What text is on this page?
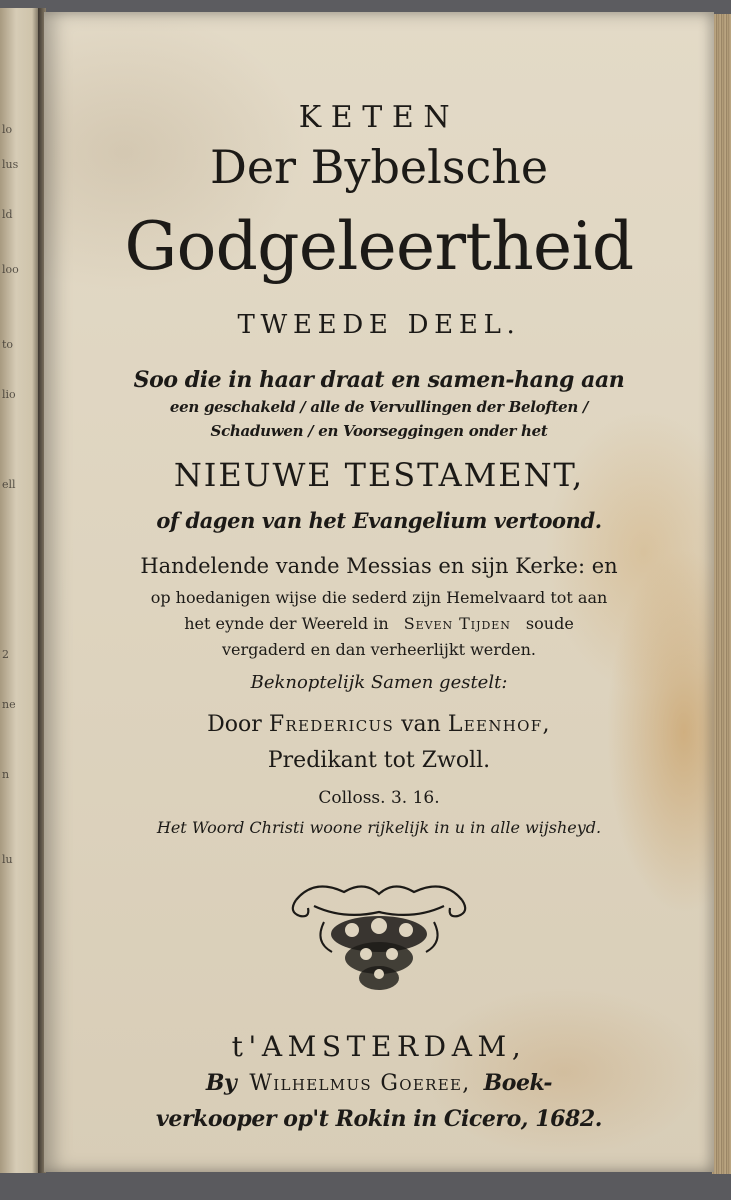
lo
lus
ld
loo
to
lio
ell
2
ne
n
lu
KETEN
Der Bybelsche
Godgeleertheid
TWEEDE DEEL.
Soo die in haar draat en samen-hang aan
een geschakeld / alle de Vervullingen der Beloften /
Schaduwen / en Voorseggingen onder het
NIEUWE TESTAMENT,
of dagen van het Evangelium vertoond.
Handelende vande Messias en sijn Kerke: en
op hoedanigen wijse die sederd zijn Hemelvaard tot aan
het eynde der Weereld in Seven Tijden soude
vergaderd en dan verheerlijkt werden.
Beknoptelijk Samen gestelt:
Door Fredericus van Leenhof,
Predikant tot Zwoll.
Colloss. 3. 16.
Het Woord Christi woone rijkelijk in u in alle wijsheyd.
t'AMSTERDAM,
By Wilhelmus Goeree, Boek-
verkooper op't Rokin in Cicero, 1682.
